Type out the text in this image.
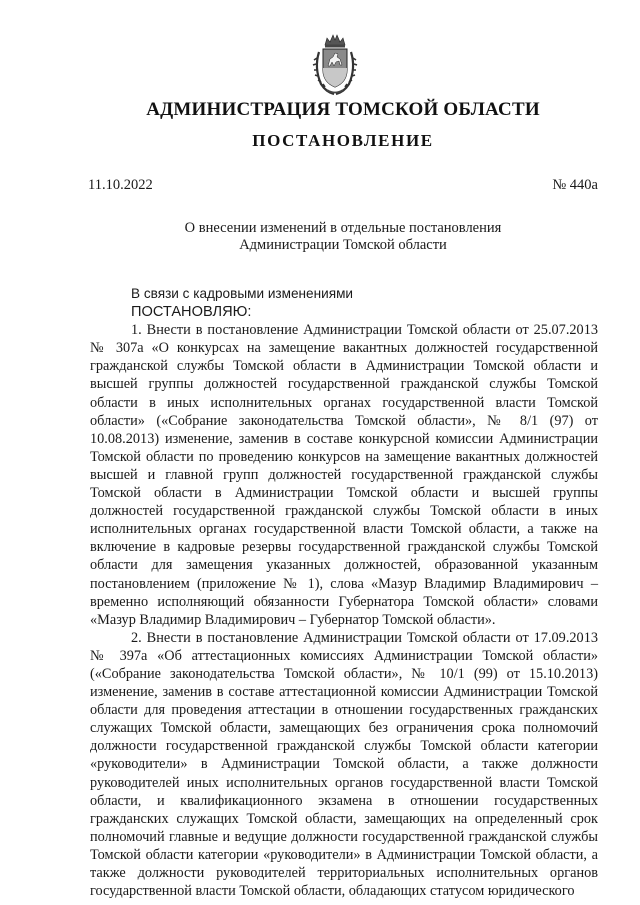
АДМИНИСТРАЦИЯ ТОМСКОЙ ОБЛАСТИ
ПОСТАНОВЛЕНИЕ
11.10.2022	№ 440а
О внесении изменений в отдельные постановления
Администрации Томской области

В связи с кадровыми изменениями

ПОСТАНОВЛЯЮ:

1. Внести в постановление Администрации Томской области от 25.07.2013 № 307а «О конкурсах на замещение вакантных должностей государственной гражданской службы Томской области в Администрации Томской области и высшей группы должностей государственной гражданской службы Томской области в иных исполнительных органах государственной власти Томской области» («Собрание законодательства Томской области», № 8/1 (97) от 10.08.2013) изменение, заменив в составе конкурсной комиссии Администрации Томской области по проведению конкурсов на замещение вакантных должностей высшей и главной групп должностей государственной гражданской службы Томской области в Администрации Томской области и высшей группы должностей государственной гражданской службы Томской области в иных исполнительных органах государственной власти Томской области, а также на включение в кадровые резервы государственной гражданской службы Томской области для замещения указанных должностей, образованной указанным постановлением (приложение № 1), слова «Мазур Владимир Владимирович – временно исполняющий обязанности Губернатора Томской области» словами «Мазур Владимир Владимирович – Губернатор Томской области».

2. Внести в постановление Администрации Томской области от 17.09.2013 № 397а «Об аттестационных комиссиях Администрации Томской области» («Собрание законодательства Томской области», № 10/1 (99) от 15.10.2013) изменение, заменив в составе аттестационной комиссии Администрации Томской области для проведения аттестации в отношении государственных гражданских служащих Томской области, замещающих без ограничения срока полномочий должности государственной гражданской службы Томской области категории «руководители» в Администрации Томской области, а также должности руководителей иных исполнительных органов государственной власти Томской области, и квалификационного экзамена в отношении государственных гражданских служащих Томской области, замещающих на определенный срок полномочий главные и ведущие должности государственной гражданской службы Томской области категории «руководители» в Администрации Томской области, а также должности руководителей территориальных исполнительных органов государственной власти Томской области, обладающих статусом юридического
